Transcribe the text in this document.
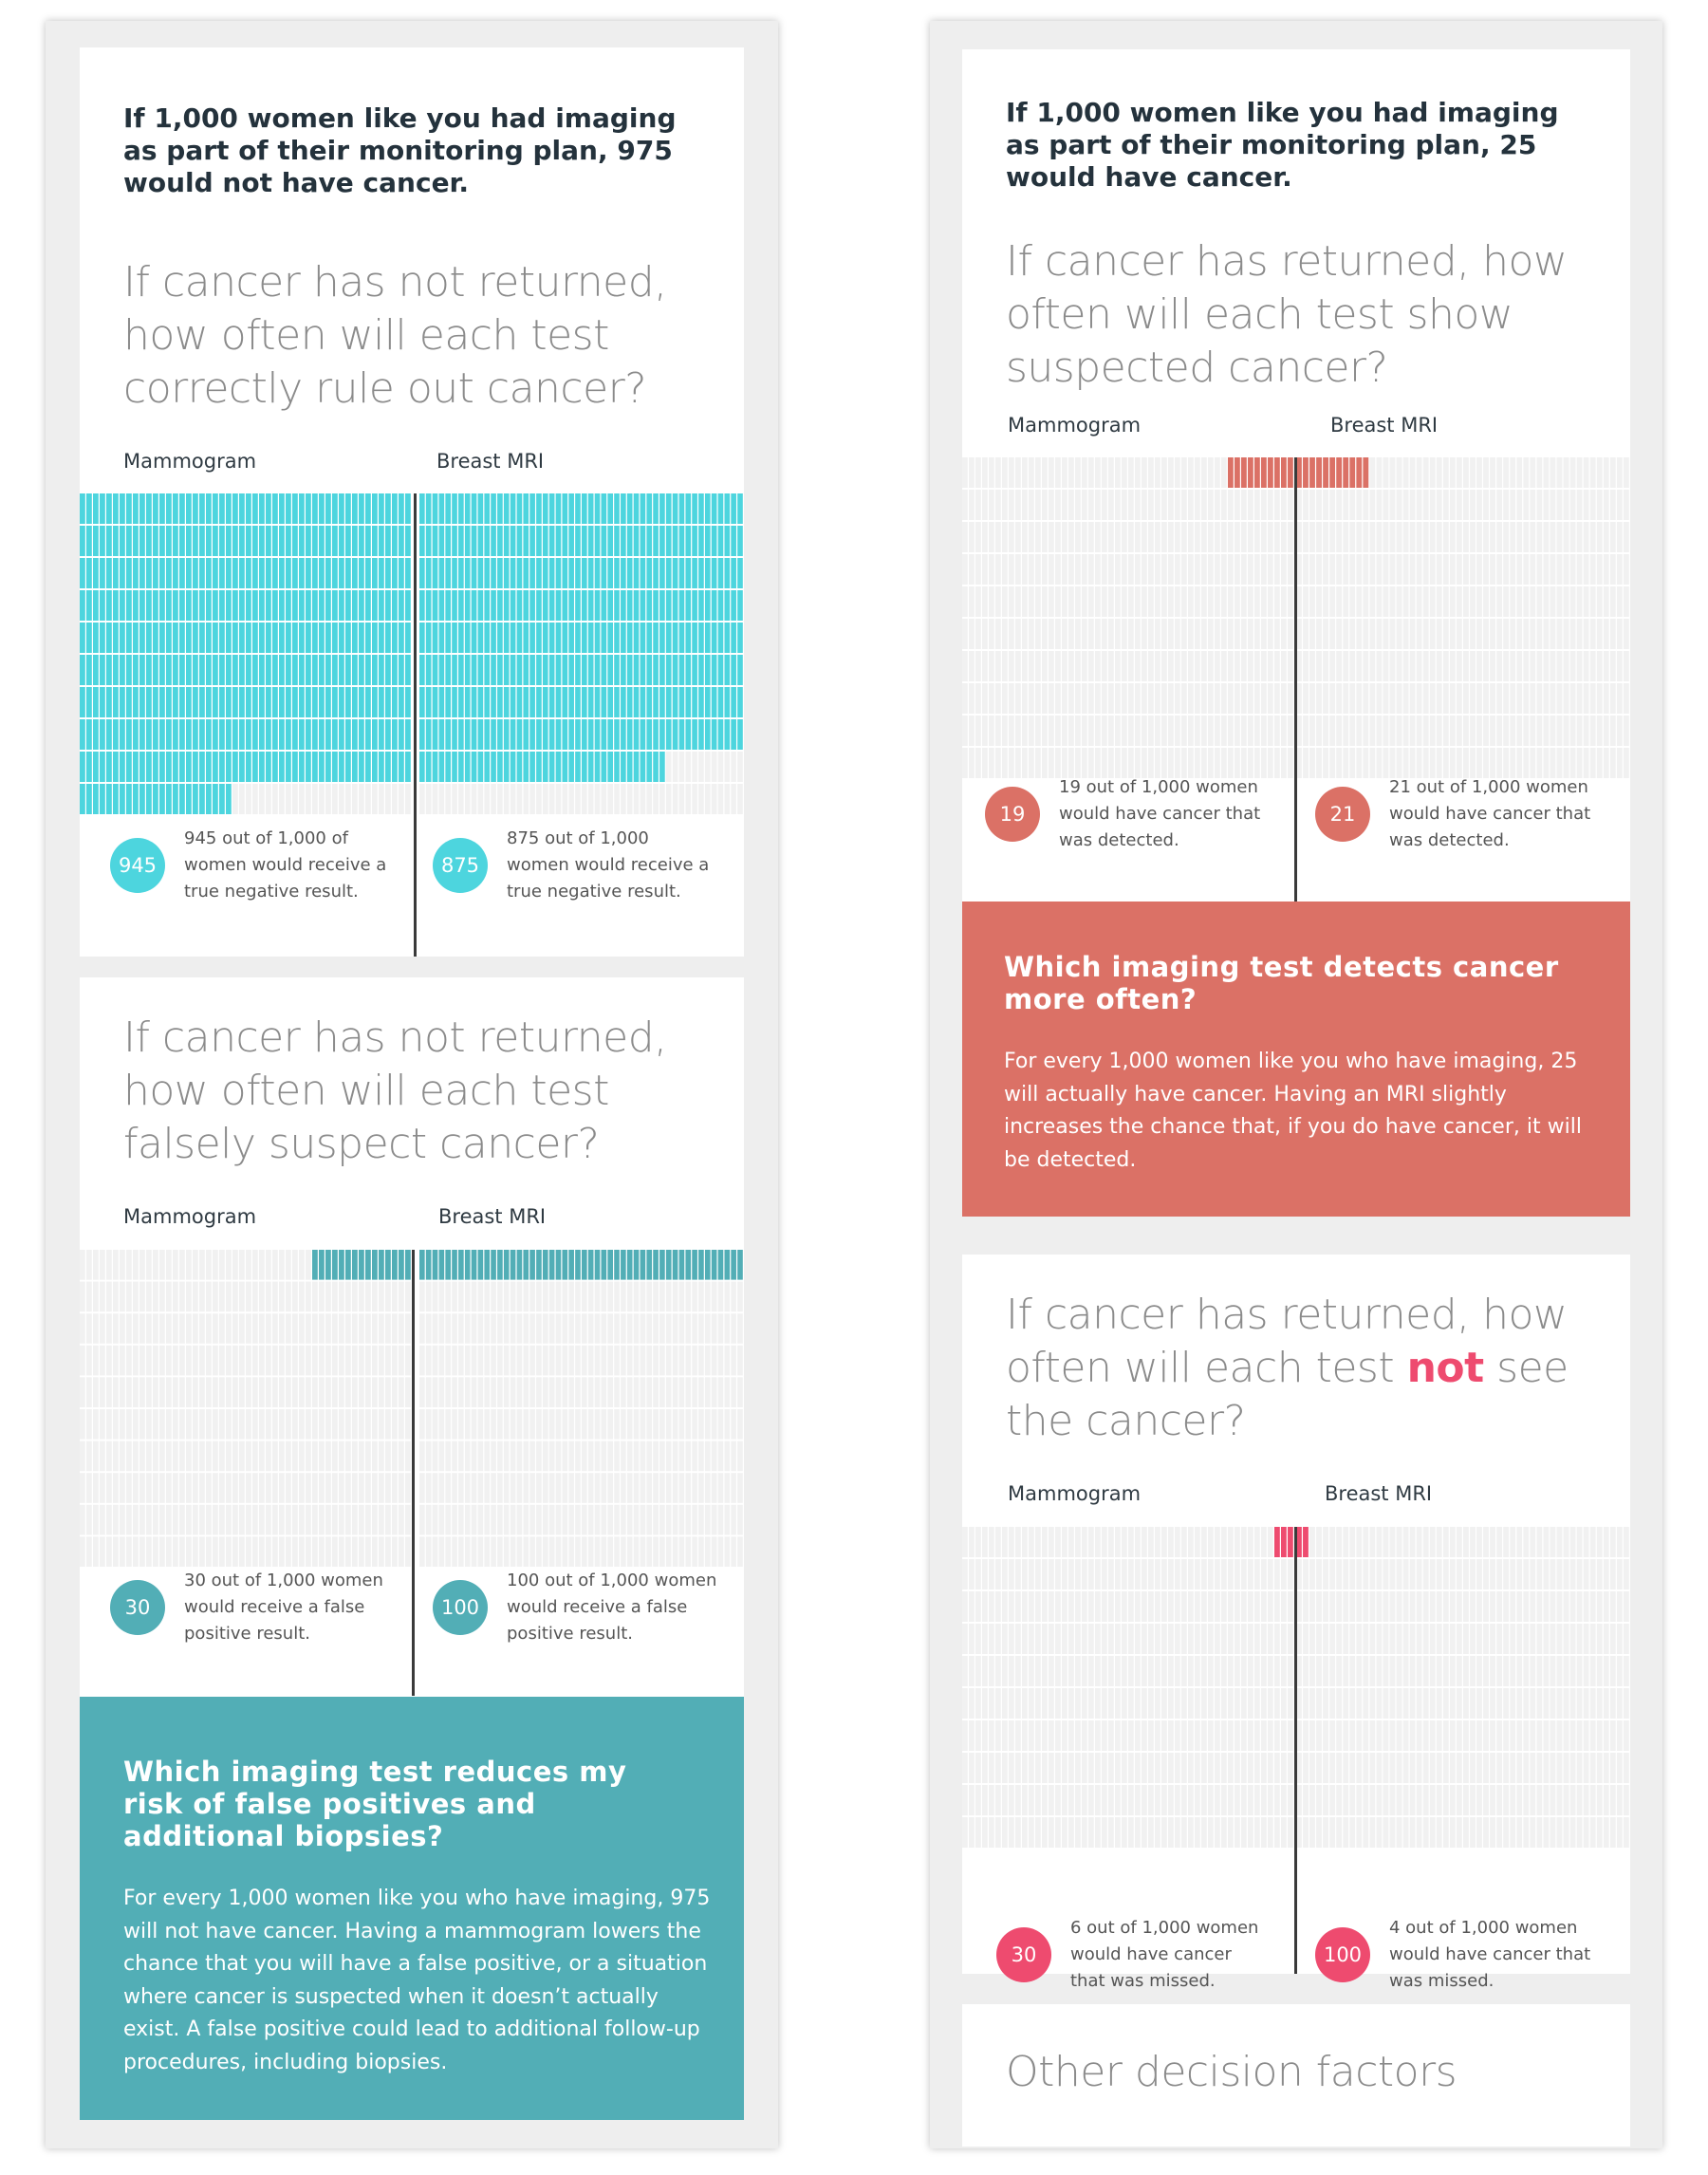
If 1,000 women like you had imaging as part of their monitoring plan, 975 would not have cancer.
If cancer has not returned, how often will each test correctly rule out cancer?
Mammogram	Breast MRI
945
945 out of 1,000 of women would receive a true negative result.
875
875 out of 1,000 women would receive a true negative result.
If cancer has not returned, how often will each test falsely suspect cancer?
Mammogram	Breast MRI
30
30 out of 1,000 women would receive a false positive result.
100
100 out of 1,000 women would receive a false positive result.
Which imaging test reduces my risk of false positives and additional biopsies?

For every 1,000 women like you who have imaging, 975 will not have cancer. Having a mammogram lowers the chance that you will have a false positive, or a situation where cancer is suspected when it doesn’t actually exist. A false positive could lead to additional follow-up procedures, including biopsies.

If 1,000 women like you had imaging as part of their monitoring plan, 25 would have cancer.
If cancer has returned, how often will each test show suspected cancer?
Mammogram	Breast MRI
19
19 out of 1,000 women would have cancer that was detected.
21
21 out of 1,000 women would have cancer that was detected.
Which imaging test detects cancer more often?

For every 1,000 women like you who have imaging, 25 will actually have cancer. Having an MRI slightly increases the chance that, if you do have cancer, it will be detected.

If cancer has returned, how often will each test not see the cancer?
Mammogram	Breast MRI
30
6 out of 1,000 women would have cancer that was missed.
100
4 out of 1,000 women would have cancer that was missed.
Other decision factors
